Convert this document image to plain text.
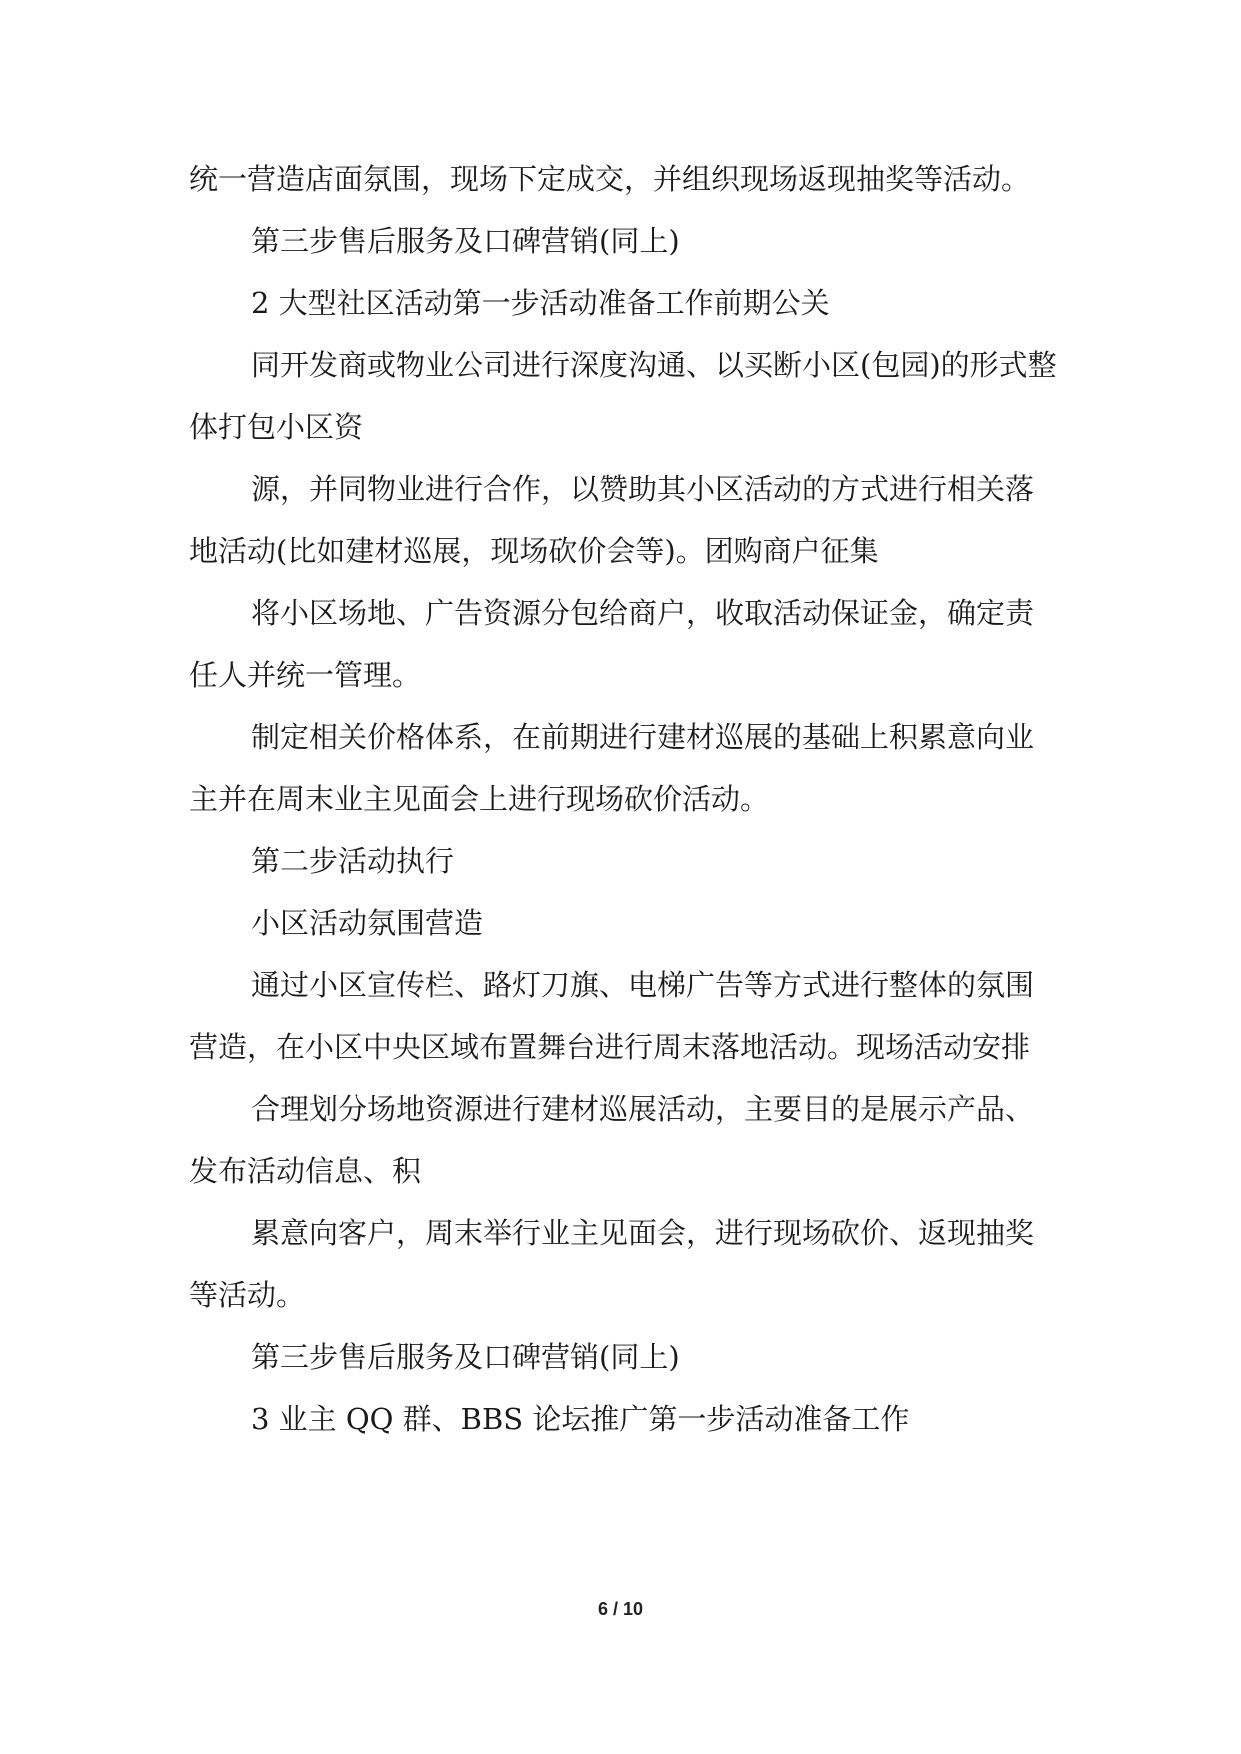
统一营造店面氛围，现场下定成交，并组织现场返现抽奖等活动。

第三步售后服务及口碑营销(同上)

2 大型社区活动第一步活动准备工作前期公关

同开发商或物业公司进行深度沟通、以买断小区(包园)的形式整体打包小区资

源，并同物业进行合作，以赞助其小区活动的方式进行相关落地活动(比如建材巡展，现场砍价会等)。团购商户征集

将小区场地、广告资源分包给商户，收取活动保证金，确定责任人并统一管理。

制定相关价格体系，在前期进行建材巡展的基础上积累意向业主并在周末业主见面会上进行现场砍价活动。

第二步活动执行

小区活动氛围营造

通过小区宣传栏、路灯刀旗、电梯广告等方式进行整体的氛围营造，在小区中央区域布置舞台进行周末落地活动。现场活动安排

合理划分场地资源进行建材巡展活动，主要目的是展示产品、发布活动信息、积

累意向客户，周末举行业主见面会，进行现场砍价、返现抽奖等活动。

第三步售后服务及口碑营销(同上)

3 业主 QQ 群、BBS 论坛推广第一步活动准备工作

6 / 10
